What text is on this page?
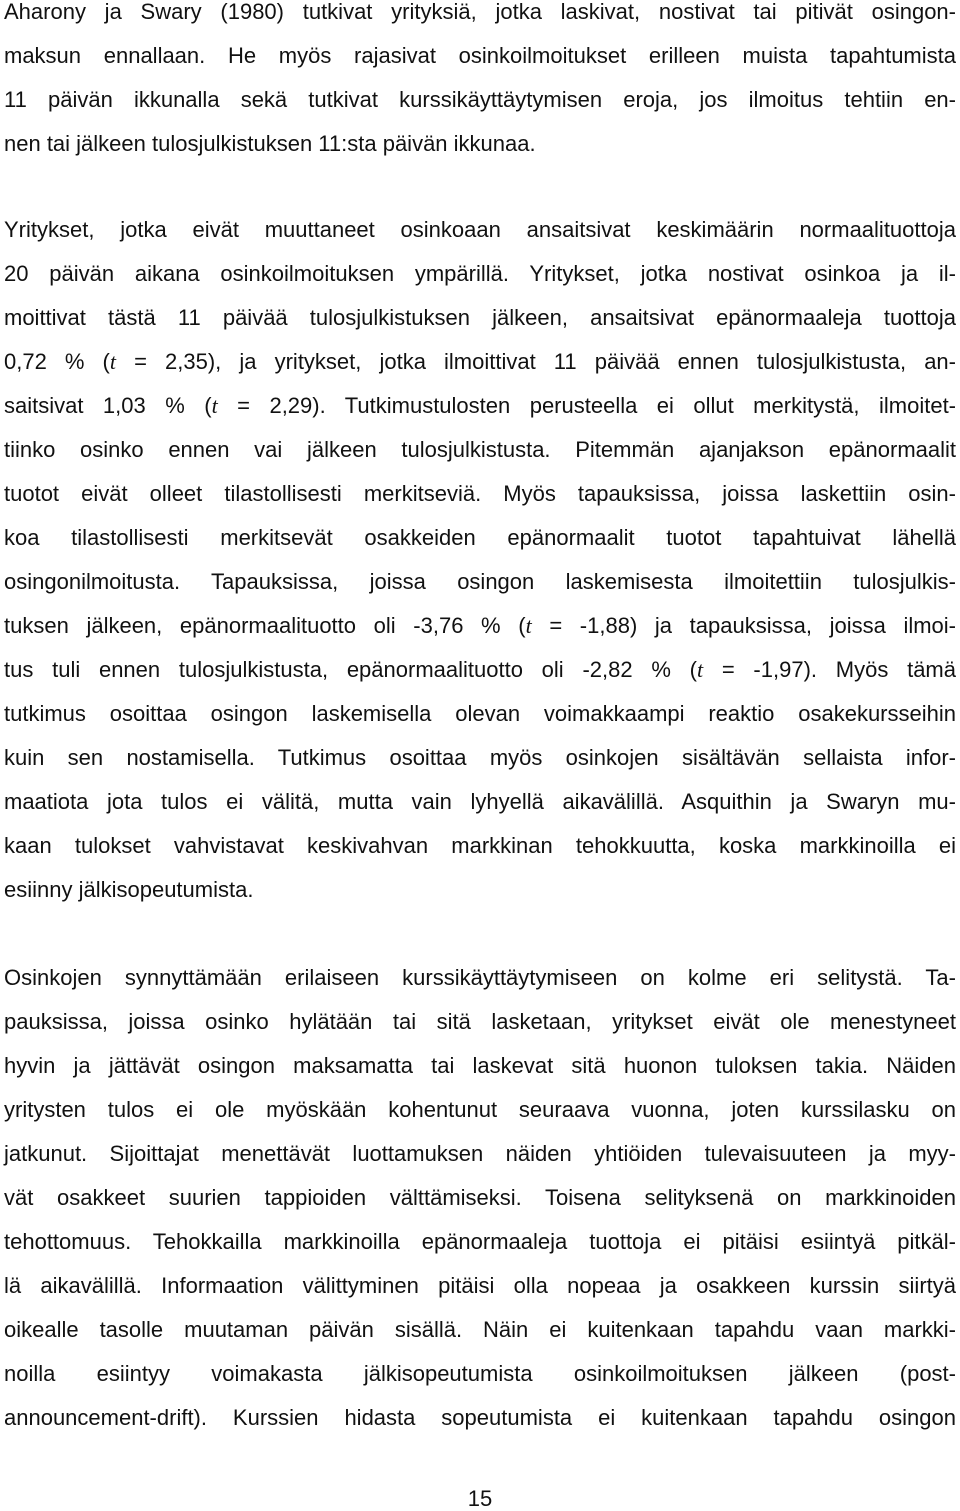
Aharony ja Swary (1980) tutkivat yrityksiä, jotka laskivat, nostivat tai pitivät osingon-
maksun ennallaan. He myös rajasivat osinkoilmoitukset erilleen muista tapahtumista
11 päivän ikkunalla sekä tutkivat kurssikäyttäytymisen eroja, jos ilmoitus tehtiin en-
nen tai jälkeen tulosjulkistuksen 11:sta päivän ikkunaa.
Yritykset, jotka eivät muuttaneet osinkoaan ansaitsivat keskimäärin normaalituottoja
20 päivän aikana osinkoilmoituksen ympärillä. Yritykset, jotka nostivat osinkoa ja il-
moittivat tästä 11 päivää tulosjulkistuksen jälkeen, ansaitsivat epänormaaleja tuottoja
0,72 % (t = 2,35), ja yritykset, jotka ilmoittivat 11 päivää ennen tulosjulkistusta, an-
saitsivat 1,03 % (t = 2,29). Tutkimustulosten perusteella ei ollut merkitystä, ilmoitet-
tiinko osinko ennen vai jälkeen tulosjulkistusta. Pitemmän ajanjakson epänormaalit
tuotot eivät olleet tilastollisesti merkitseviä. Myös tapauksissa, joissa laskettiin osin-
koa tilastollisesti merkitsevät osakkeiden epänormaalit tuotot tapahtuivat lähellä
osingonilmoitusta. Tapauksissa, joissa osingon laskemisesta ilmoitettiin tulosjulkis-
tuksen jälkeen, epänormaalituotto oli -3,76 % (t = -1,88) ja tapauksissa, joissa ilmoi-
tus tuli ennen tulosjulkistusta, epänormaalituotto oli -2,82 % (t = -1,97). Myös tämä
tutkimus osoittaa osingon laskemisella olevan voimakkaampi reaktio osakekursseihin
kuin sen nostamisella. Tutkimus osoittaa myös osinkojen sisältävän sellaista infor-
maatiota jota tulos ei välitä, mutta vain lyhyellä aikavälillä. Asquithin ja Swaryn mu-
kaan tulokset vahvistavat keskivahvan markkinan tehokkuutta, koska markkinoilla ei
esiinny jälkisopeutumista.
Osinkojen synnyttämään erilaiseen kurssikäyttäytymiseen on kolme eri selitystä. Ta-
pauksissa, joissa osinko hylätään tai sitä lasketaan, yritykset eivät ole menestyneet
hyvin ja jättävät osingon maksamatta tai laskevat sitä huonon tuloksen takia. Näiden
yritysten tulos ei ole myöskään kohentunut seuraava vuonna, joten kurssilasku on
jatkunut. Sijoittajat menettävät luottamuksen näiden yhtiöiden tulevaisuuteen ja myy-
vät osakkeet suurien tappioiden välttämiseksi. Toisena selityksenä on markkinoiden
tehottomuus. Tehokkailla markkinoilla epänormaaleja tuottoja ei pitäisi esiintyä pitkäl-
lä aikavälillä. Informaation välittyminen pitäisi olla nopeaa ja osakkeen kurssin siirtyä
oikealle tasolle muutaman päivän sisällä. Näin ei kuitenkaan tapahdu vaan markki-
noilla esiintyy voimakasta jälkisopeutumista osinkoilmoituksen jälkeen (post-
announcement-drift). Kurssien hidasta sopeutumista ei kuitenkaan tapahdu osingon
15
